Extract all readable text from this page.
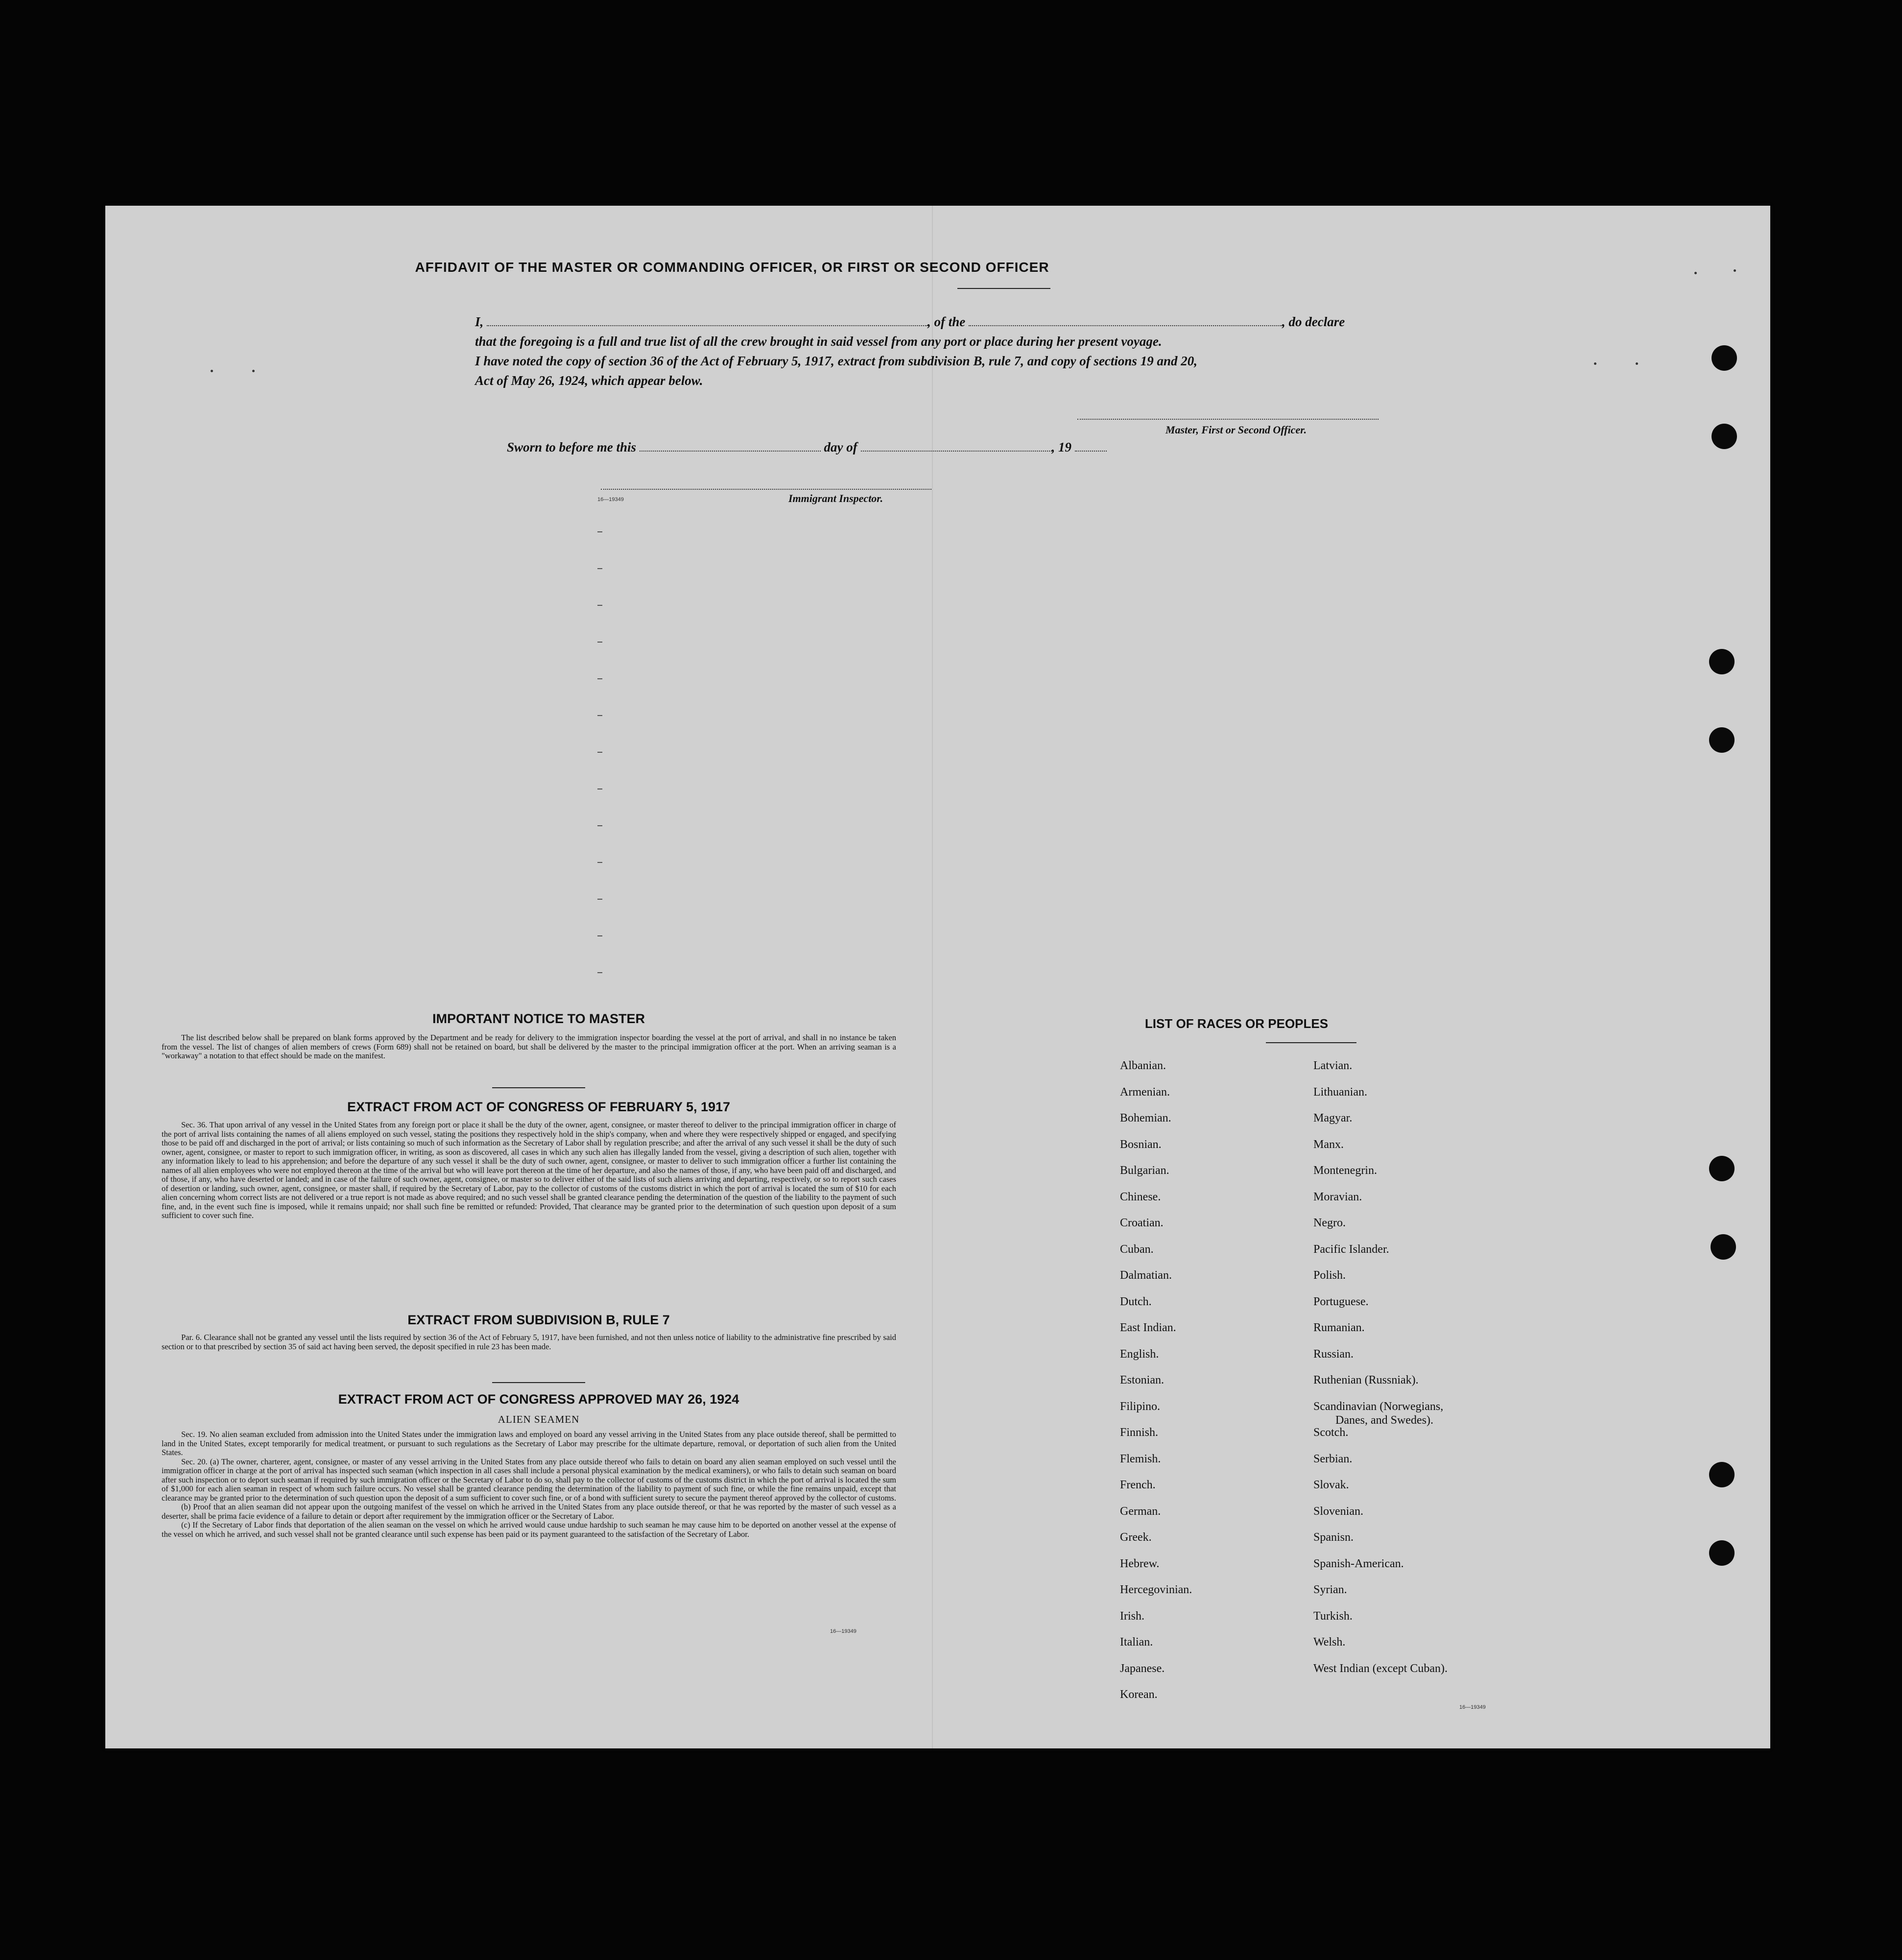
AFFIDAVIT OF THE MASTER OR COMMANDING OFFICER, OR FIRST OR SECOND OFFICER
I,	, of the	, do declare
that the foregoing is a full and true list of all the crew brought in said vessel from any port or place during her present voyage.
I have noted the copy of section 36 of the Act of February 5, 1917, extract from subdivision B, rule 7, and copy of sections 19 and 20,
Act of May 26, 1924, which appear below.
Master, First or Second Officer.
Sworn to before me this	day of	, 19
16—19349	Immigrant Inspector.
IMPORTANT NOTICE TO MASTER

The list described below shall be prepared on blank forms approved by the Department and be ready for delivery to the immigration inspector boarding the vessel at the port of arrival, and shall in no instance be taken from the vessel. The list of changes of alien members of crews (Form 689) shall not be retained on board, but shall be delivered by the master to the principal immigration officer at the port. When an arriving seaman is a "workaway" a notation to that effect should be made on the manifest.

EXTRACT FROM ACT OF CONGRESS OF FEBRUARY 5, 1917

Sec. 36. That upon arrival of any vessel in the United States from any foreign port or place it shall be the duty of the owner, agent, consignee, or master thereof to deliver to the principal immigration officer in charge of the port of arrival lists containing the names of all aliens employed on such vessel, stating the positions they respectively hold in the ship's company, when and where they were respectively shipped or engaged, and specifying those to be paid off and discharged in the port of arrival; or lists containing so much of such information as the Secretary of Labor shall by regulation prescribe; and after the arrival of any such vessel it shall be the duty of such owner, agent, consignee, or master to report to such immigration officer, in writing, as soon as discovered, all cases in which any such alien has illegally landed from the vessel, giving a description of such alien, together with any information likely to lead to his apprehension; and before the departure of any such vessel it shall be the duty of such owner, agent, consignee, or master to deliver to such immigration officer a further list containing the names of all alien employees who were not employed thereon at the time of the arrival but who will leave port thereon at the time of her departure, and also the names of those, if any, who have been paid off and discharged, and of those, if any, who have deserted or landed; and in case of the failure of such owner, agent, consignee, or master so to deliver either of the said lists of such aliens arriving and departing, respectively, or so to report such cases of desertion or landing, such owner, agent, consignee, or master shall, if required by the Secretary of Labor, pay to the collector of customs of the customs district in which the port of arrival is located the sum of $10 for each alien concerning whom correct lists are not delivered or a true report is not made as above required; and no such vessel shall be granted clearance pending the determination of the question of the liability to the payment of such fine, and, in the event such fine is imposed, while it remains unpaid; nor shall such fine be remitted or refunded: Provided, That clearance may be granted prior to the determination of such question upon deposit of a sum sufficient to cover such fine.

EXTRACT FROM SUBDIVISION B, RULE 7

Par. 6. Clearance shall not be granted any vessel until the lists required by section 36 of the Act of February 5, 1917, have been furnished, and not then unless notice of liability to the administrative fine prescribed by said section or to that prescribed by section 35 of said act having been served, the deposit specified in rule 23 has been made.

EXTRACT FROM ACT OF CONGRESS APPROVED MAY 26, 1924
ALIEN SEAMEN

Sec. 19. No alien seaman excluded from admission into the United States under the immigration laws and employed on board any vessel arriving in the United States from any place outside thereof, shall be permitted to land in the United States, except temporarily for medical treatment, or pursuant to such regulations as the Secretary of Labor may prescribe for the ultimate departure, removal, or deportation of such alien from the United States.

Sec. 20. (a) The owner, charterer, agent, consignee, or master of any vessel arriving in the United States from any place outside thereof who fails to detain on board any alien seaman employed on such vessel until the immigration officer in charge at the port of arrival has inspected such seaman (which inspection in all cases shall include a personal physical examination by the medical examiners), or who fails to detain such seaman on board after such inspection or to deport such seaman if required by such immigration officer or the Secretary of Labor to do so, shall pay to the collector of customs of the customs district in which the port of arrival is located the sum of $1,000 for each alien seaman in respect of whom such failure occurs. No vessel shall be granted clearance pending the determination of the liability to payment of such fine, or while the fine remains unpaid, except that clearance may be granted prior to the determination of such question upon the deposit of a sum sufficient to cover such fine, or of a bond with sufficient surety to secure the payment thereof approved by the collector of customs.

(b) Proof that an alien seaman did not appear upon the outgoing manifest of the vessel on which he arrived in the United States from any place outside thereof, or that he was reported by the master of such vessel as a deserter, shall be prima facie evidence of a failure to detain or deport after requirement by the immigration officer or the Secretary of Labor.

(c) If the Secretary of Labor finds that deportation of the alien seaman on the vessel on which he arrived would cause undue hardship to such seaman he may cause him to be deported on another vessel at the expense of the vessel on which he arrived, and such vessel shall not be granted clearance until such expense has been paid or its payment guaranteed to the satisfaction of the Secretary of Labor.

16—19349
LIST OF RACES OR PEOPLES
Albanian.
Armenian.
Bohemian.
Bosnian.
Bulgarian.
Chinese.
Croatian.
Cuban.
Dalmatian.
Dutch.
East Indian.
English.
Estonian.
Filipino.
Finnish.
Flemish.
French.
German.
Greek.
Hebrew.
Hercegovinian.
Irish.
Italian.
Japanese.
Korean.
Latvian.
Lithuanian.
Magyar.
Manx.
Montenegrin.
Moravian.
Negro.
Pacific Islander.
Polish.
Portuguese.
Rumanian.
Russian.
Ruthenian (Russniak).
Scandinavian (Norwegians,
Danes, and Swedes).
Scotch.
Serbian.
Slovak.
Slovenian.
Spanisn.
Spanish-American.
Syrian.
Turkish.
Welsh.
West Indian (except Cuban).
16—19349
